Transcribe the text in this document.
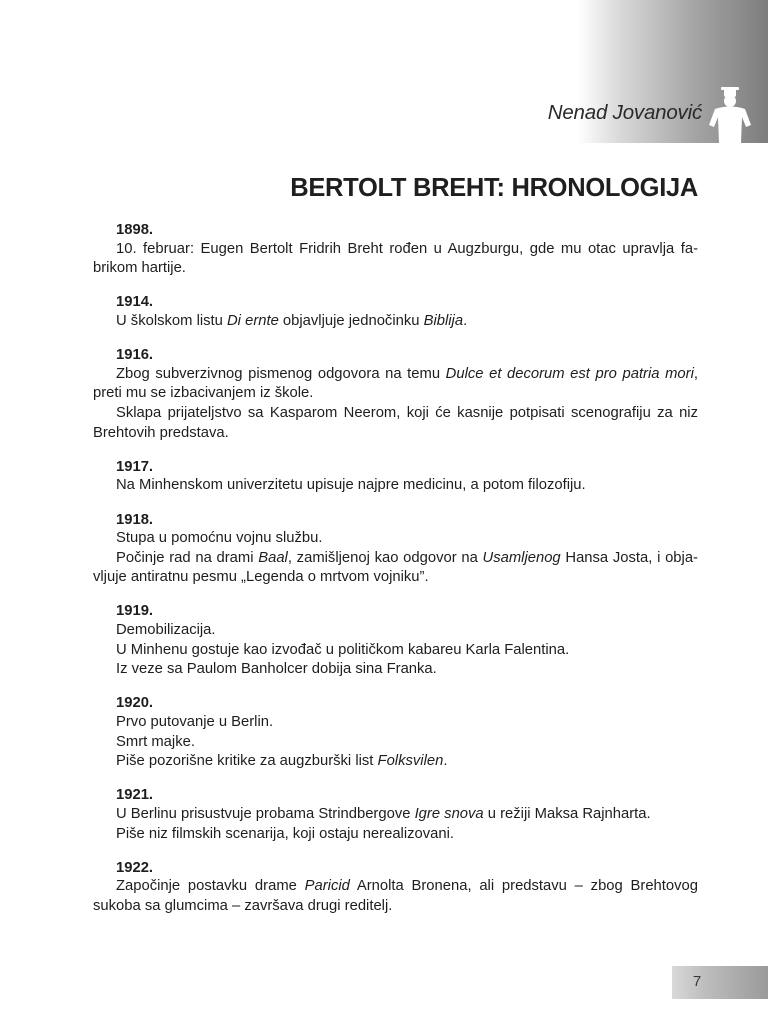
Nenad Jovanović
BERTOLT BREHT: HRONOLOGIJA
1898.

10. februar: Eugen Bertolt Fridrih Breht rođen u Augzburgu, gde mu otac upravlja fabrikom hartije.

1914.

U školskom listu Di ernte objavljuje jednočinku Biblija.

1916.

Zbog subverzivnog pismenog odgovora na temu Dulce et decorum est pro patria mori, preti mu se izbacivanjem iz škole.

Sklapa prijateljstvo sa Kasparom Neerom, koji će kasnije potpisati scenografiju za niz Brehtovih predstava.

1917.

Na Minhenskom univerzitetu upisuje najpre medicinu, a potom filozofiju.

1918.

Stupa u pomoćnu vojnu službu.

Počinje rad na drami Baal, zamišljenoj kao odgovor na Usamljenog Hansa Josta, i objavljuje antiratnu pesmu „Legenda o mrtvom vojniku”.

1919.

Demobilizacija.

U Minhenu gostuje kao izvođač u političkom kabareu Karla Falentina.

Iz veze sa Paulom Banholcer dobija sina Franka.

1920.

Prvo putovanje u Berlin.

Smrt majke.

Piše pozorišne kritike za augzburški list Folksvilen.

1921.

U Berlinu prisustvuje probama Strindbergove Igre snova u režiji Maksa Rajnharta.

Piše niz filmskih scenarija, koji ostaju nerealizovani.

1922.

Započinje postavku drame Paricid Arnolta Bronena, ali predstavu – zbog Brehtovog sukoba sa glumcima – završava drugi reditelj.

7
